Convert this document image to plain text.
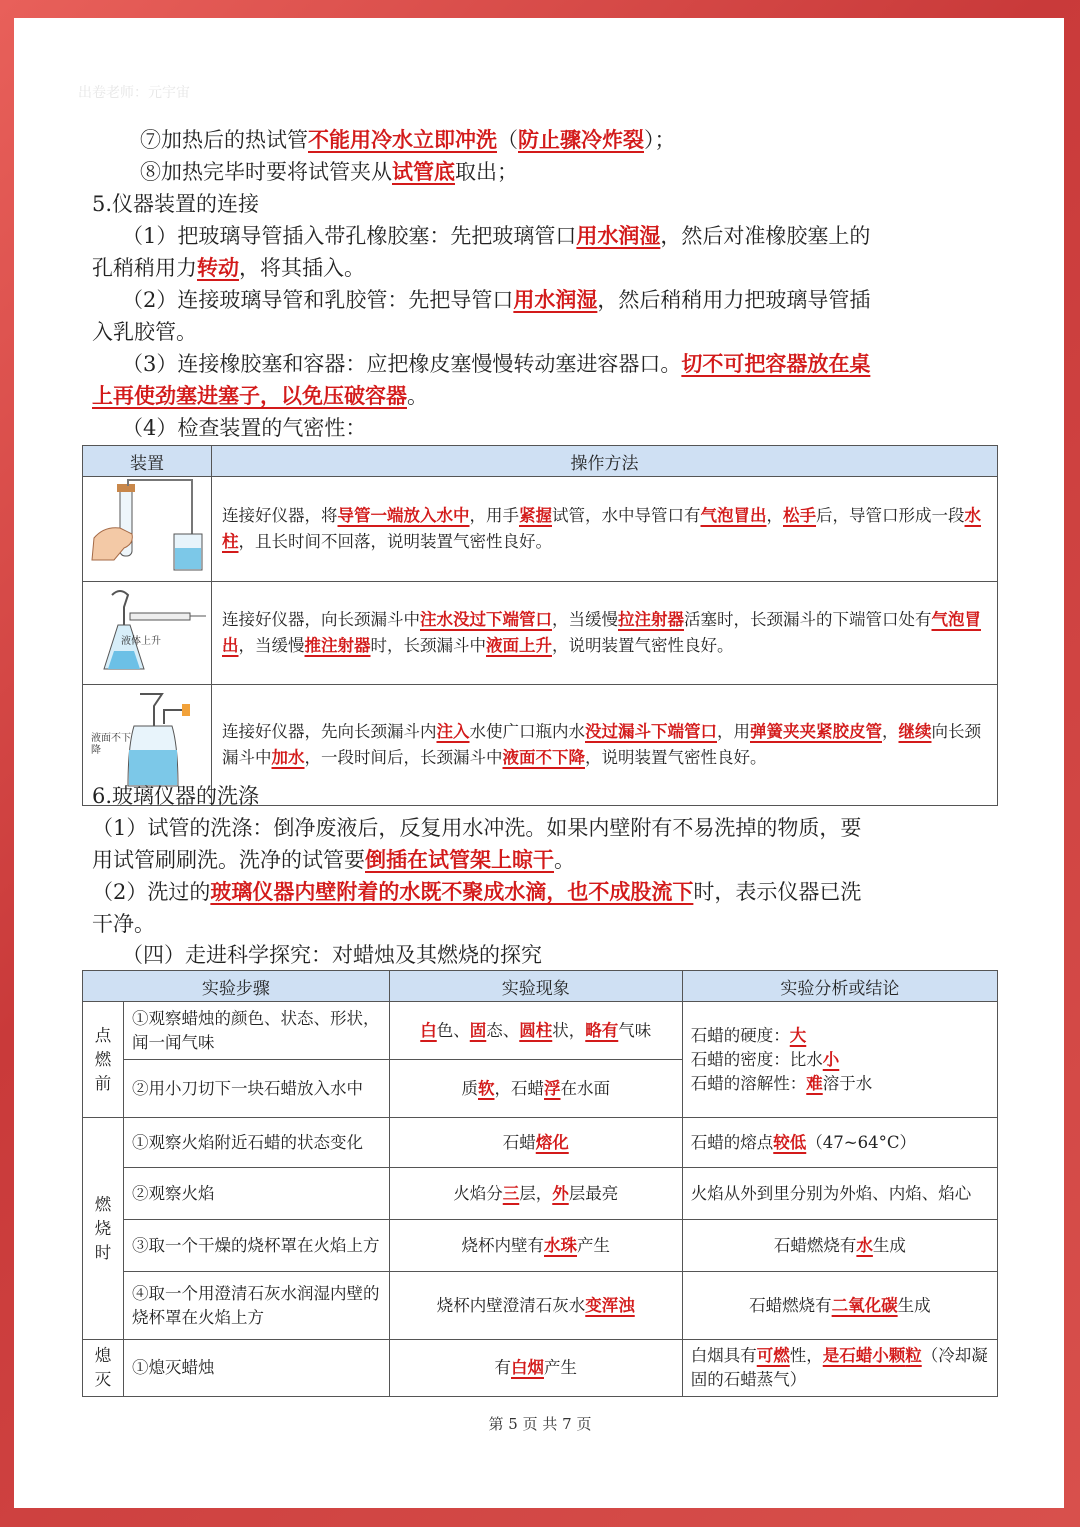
出卷老师：元宇宙
⑦加热后的热试管不能用冷水立即冲洗（防止骤冷炸裂）；
⑧加热完毕时要将试管夹从试管底取出；
5.仪器装置的连接
（1）把玻璃导管插入带孔橡胶塞：先把玻璃管口用水润湿，然后对准橡胶塞上的
孔稍稍用力转动，将其插入。
（2）连接玻璃导管和乳胶管：先把导管口用水润湿，然后稍稍用力把玻璃导管插
入乳胶管。
（3）连接橡胶塞和容器：应把橡皮塞慢慢转动塞进容器口。切不可把容器放在桌
上再使劲塞进塞子，以免压破容器。
（4）检查装置的气密性：
装置	操作方法
	连接好仪器，将导管一端放入水中，用手紧握试管，水中导管口有气泡冒出，松手后，导管口形成一段水柱，且长时间不回落，说明装置气密性良好。

液体上升	连接好仪器，向长颈漏斗中注水没过下端管口，当缓慢拉注射器活塞时，长颈漏斗的下端管口处有气泡冒出，当缓慢推注射器时，长颈漏斗中液面上升，说明装置气密性良好。

液面不下降	连接好仪器，先向长颈漏斗内注入水使广口瓶内水没过漏斗下端管口，用弹簧夹夹紧胶皮管，继续向长颈漏斗中加水，一段时间后，长颈漏斗中液面不下降，说明装置气密性良好。
6.玻璃仪器的洗涤
（1）试管的洗涤：倒净废液后，反复用水冲洗。如果内壁附有不易洗掉的物质，要
用试管刷刷洗。洗净的试管要倒插在试管架上晾干。
（2）洗过的玻璃仪器内壁附着的水既不聚成水滴，也不成股流下时，表示仪器已洗
干净。
（四）走进科学探究：对蜡烛及其燃烧的探究
实验步骤		实验现象	实验分析或结论
点燃前	①观察蜡烛的颜色、状态、形状，闻一闻气味	白色、固态、圆柱状，略有气味	石蜡的硬度：大
石蜡的密度：比水小
石蜡的溶解性：难溶于水
	②用小刀切下一块石蜡放入水中	质软，石蜡浮在水面	
燃烧时	①观察火焰附近石蜡的状态变化	石蜡熔化	石蜡的熔点较低（47~64°C）
	②观察火焰	火焰分三层，外层最亮	火焰从外到里分别为外焰、内焰、焰心
	③取一个干燥的烧杯罩在火焰上方	烧杯内壁有水珠产生	石蜡燃烧有水生成
	④取一个用澄清石灰水润湿内壁的烧杯罩在火焰上方	烧杯内壁澄清石灰水变浑浊	石蜡燃烧有二氧化碳生成
熄灭	①熄灭蜡烛	有白烟产生	白烟具有可燃性，是石蜡小颗粒（冷却凝固的石蜡蒸气）
第 5 页 共 7 页
